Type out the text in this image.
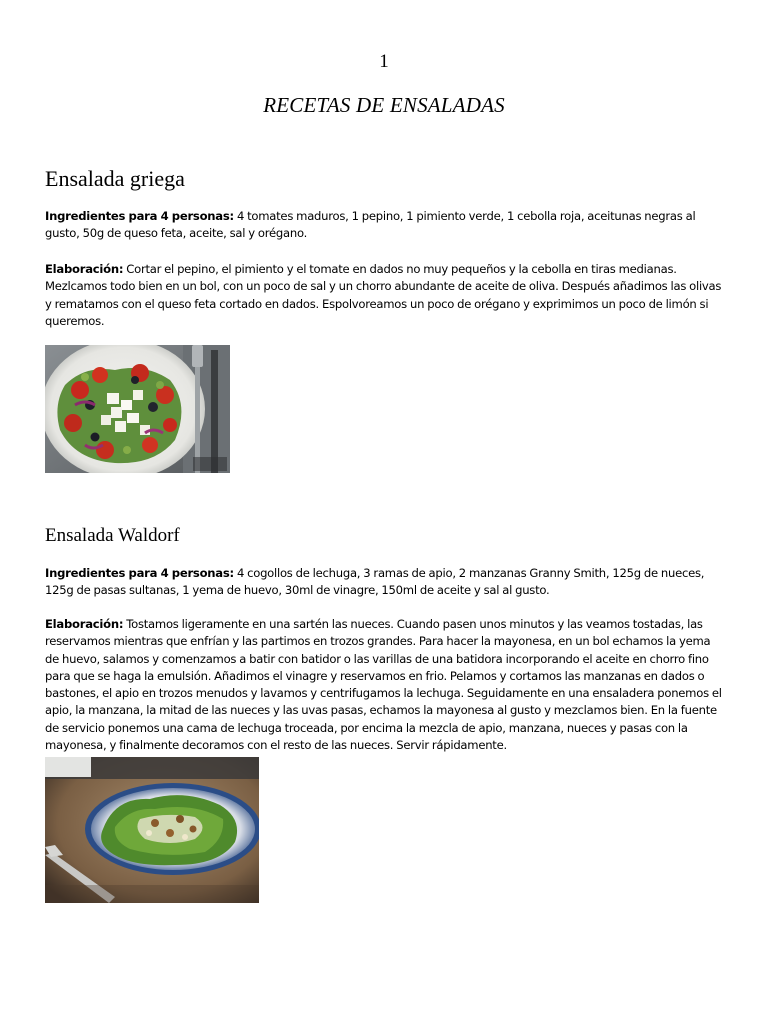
1
RECETAS DE ENSALADAS
Ensalada griega

Ingredientes para 4 personas: 4 tomates maduros, 1 pepino, 1 pimiento verde, 1 cebolla roja, aceitunas negras al gusto, 50g de queso feta, aceite, sal y orégano.

Elaboración: Cortar el pepino, el pimiento y el tomate en dados no muy pequeños y la cebolla en tiras medianas. Mezlcamos todo bien en un bol, con un poco de sal y un chorro abundante de aceite de oliva. Después añadimos las olivas y rematamos con el queso feta cortado en dados. Espolvoreamos un poco de orégano y exprimimos un poco de limón si queremos.

Ensalada Waldorf

Ingredientes para 4 personas: 4 cogollos de lechuga, 3 ramas de apio, 2 manzanas Granny Smith, 125g de nueces, 125g de pasas sultanas, 1 yema de huevo, 30ml de vinagre, 150ml de aceite y sal al gusto.

Elaboración: Tostamos ligeramente en una sartén las nueces. Cuando pasen unos minutos y las veamos tostadas, las reservamos mientras que enfrían y las partimos en trozos grandes. Para hacer la mayonesa, en un bol echamos la yema de huevo, salamos y comenzamos a batir con batidor o las varillas de una batidora incorporando el aceite en chorro fino para que se haga la emulsión. Añadimos el vinagre y reservamos en frio. Pelamos y cortamos las manzanas en dados o bastones, el apio en trozos menudos y lavamos y centrifugamos la lechuga. Seguidamente en una ensaladera ponemos el apio, la manzana, la mitad de las nueces y las uvas pasas, echamos la mayonesa al gusto y mezclamos bien. En la fuente de servicio ponemos una cama de lechuga troceada, por encima la mezcla de apio, manzana, nueces y pasas con la mayonesa, y finalmente decoramos con el resto de las nueces. Servir rápidamente.
